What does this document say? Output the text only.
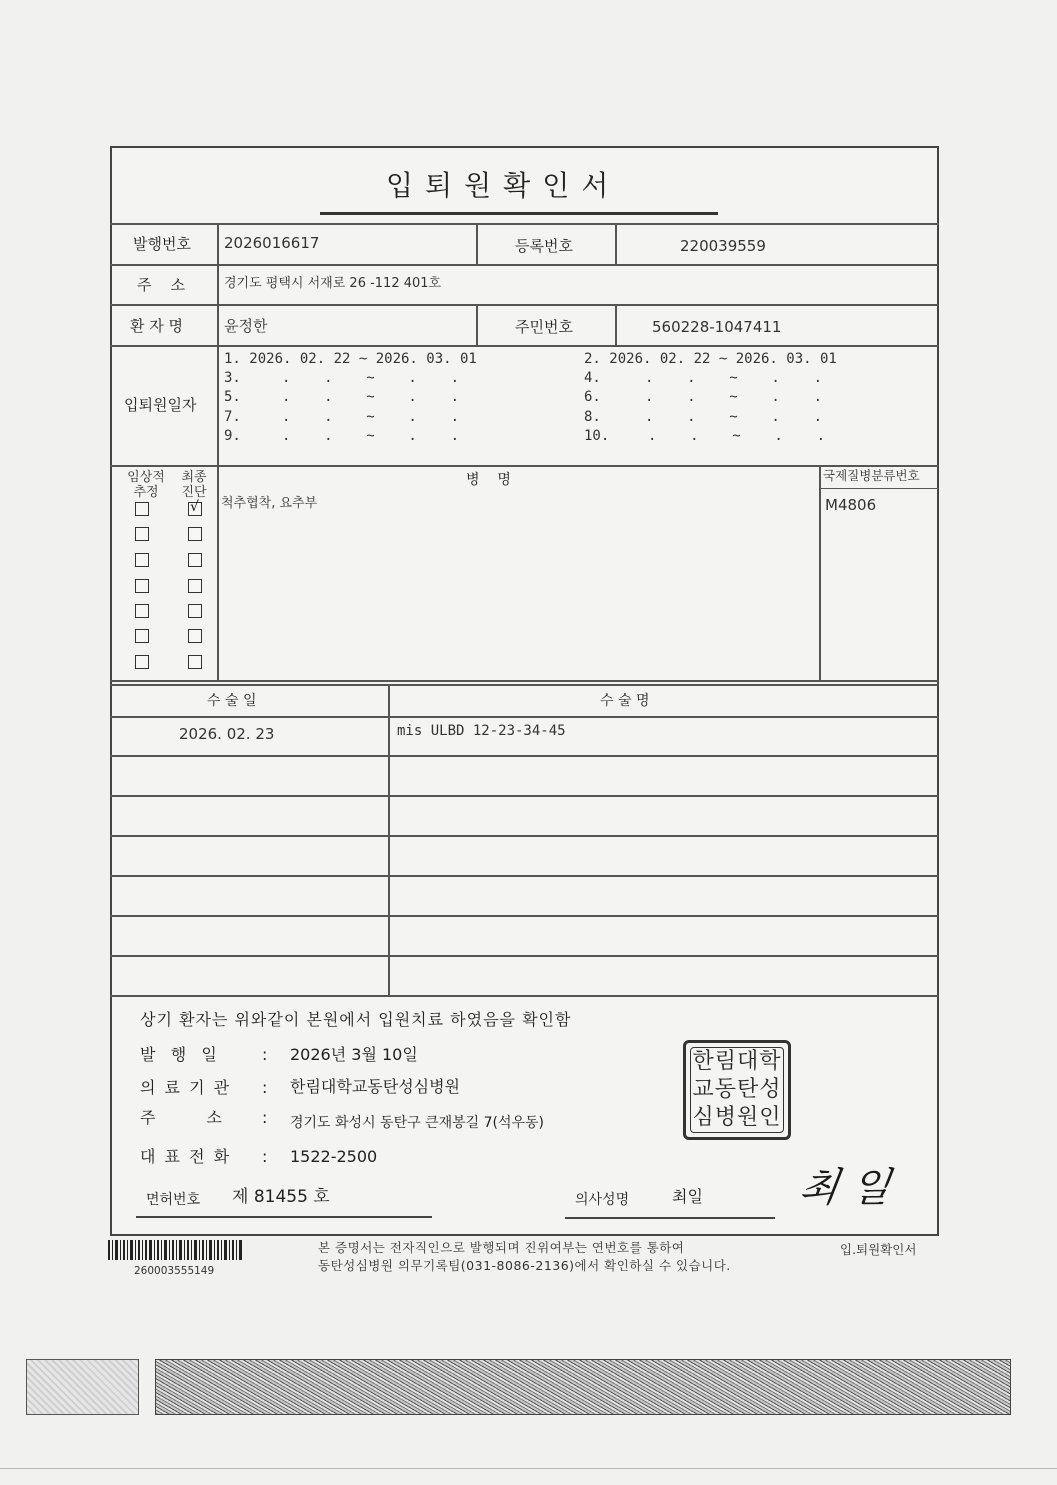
입퇴원확인서
발행번호 2026016617	등록번호	220039559
주    소	경기도 평택시 서재로 26 -112 401호
환 자 명	윤정한	주민번호	560228-1047411
입퇴원일자
1. 2026. 02. 22 ~ 2026. 03. 01	2. 2026. 02. 22 ~ 2026. 03. 01
3.	.    .    ~    .    .	4.	.    .    ~    .    .
5.	.    .    ~    .    .	6.	.    .    ~    .    .
7.	.    .    ~    .    .	8.	.    .    ~    .    .
9.	.    .    ~    .    .	10.	.    .    ~    .    .
임상적 추정
최종 진단
병    명	국제질병분류번호
척추협착, 요추부	M4806
√
수 술 일	수 술 명
2026. 02. 23	mis ULBD 12-23-34-45
상기 환자는 위와같이 본원에서 입원치료 하였음을 확인함
발   행   일	: 2026년 3월 10일
의 료 기 관 : 한림대학교동탄성심병원
주          소	: 경기도 화성시 동탄구 큰재봉길 7(석우동)
대 표 전 화 : 1522-2500
한림대학
교동탄성
심병원인
면허번호 제 81455 호	의사성명	최일 최 일
260003555149
본 증명서는 전자직인으로 발행되며 진위여부는 연번호를 통하여
동탄성심병원 의무기록팀(031-8086-2136)에서 확인하실 수 있습니다.
입.퇴원확인서
